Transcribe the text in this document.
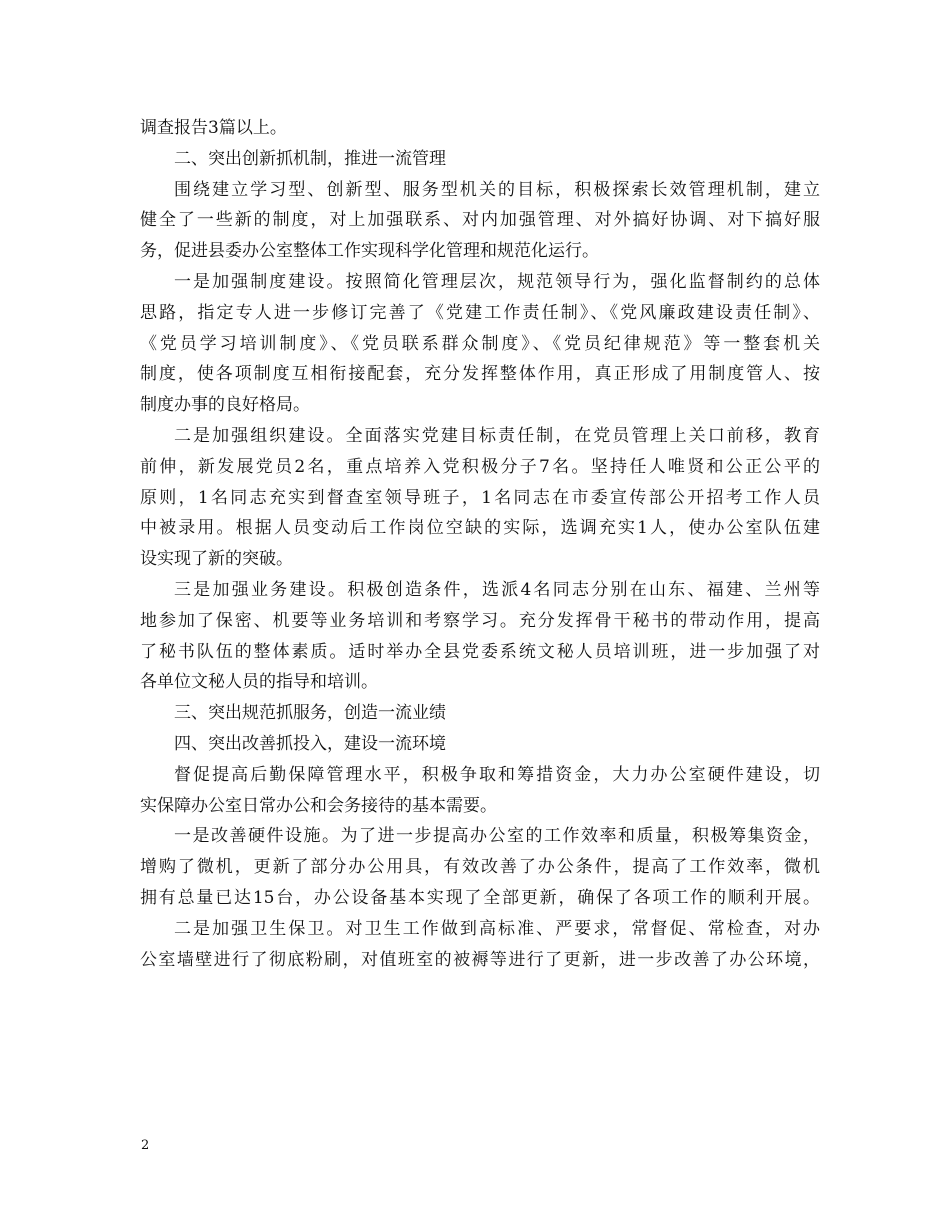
调查报告3篇以上。
二、突出创新抓机制，推进一流管理
围绕建立学习型、创新型、服务型机关的目标，积极探索长效管理机制，建立
健全了一些新的制度，对上加强联系、对内加强管理、对外搞好协调、对下搞好服
务，促进县委办公室整体工作实现科学化管理和规范化运行。
一是加强制度建设。按照简化管理层次，规范领导行为，强化监督制约的总体
思路，指定专人进一步修订完善了《党建工作责任制》、《党风廉政建设责任制》、
《党员学习培训制度》、《党员联系群众制度》、《党员纪律规范》等一整套机关
制度，使各项制度互相衔接配套，充分发挥整体作用，真正形成了用制度管人、按
制度办事的良好格局。
二是加强组织建设。全面落实党建目标责任制，在党员管理上关口前移，教育
前伸，新发展党员2名，重点培养入党积极分子7名。坚持任人唯贤和公正公平的
原则，1名同志充实到督查室领导班子，1名同志在市委宣传部公开招考工作人员
中被录用。根据人员变动后工作岗位空缺的实际，选调充实1人，使办公室队伍建
设实现了新的突破。
三是加强业务建设。积极创造条件，选派4名同志分别在山东、福建、兰州等
地参加了保密、机要等业务培训和考察学习。充分发挥骨干秘书的带动作用，提高
了秘书队伍的整体素质。适时举办全县党委系统文秘人员培训班，进一步加强了对
各单位文秘人员的指导和培训。
三、突出规范抓服务，创造一流业绩
四、突出改善抓投入，建设一流环境
督促提高后勤保障管理水平，积极争取和筹措资金，大力办公室硬件建设，切
实保障办公室日常办公和会务接待的基本需要。
一是改善硬件设施。为了进一步提高办公室的工作效率和质量，积极筹集资金，
增购了微机，更新了部分办公用具，有效改善了办公条件，提高了工作效率，微机
拥有总量已达15台，办公设备基本实现了全部更新，确保了各项工作的顺利开展。
二是加强卫生保卫。对卫生工作做到高标准、严要求，常督促、常检查，对办
公室墙壁进行了彻底粉刷，对值班室的被褥等进行了更新，进一步改善了办公环境，
2
